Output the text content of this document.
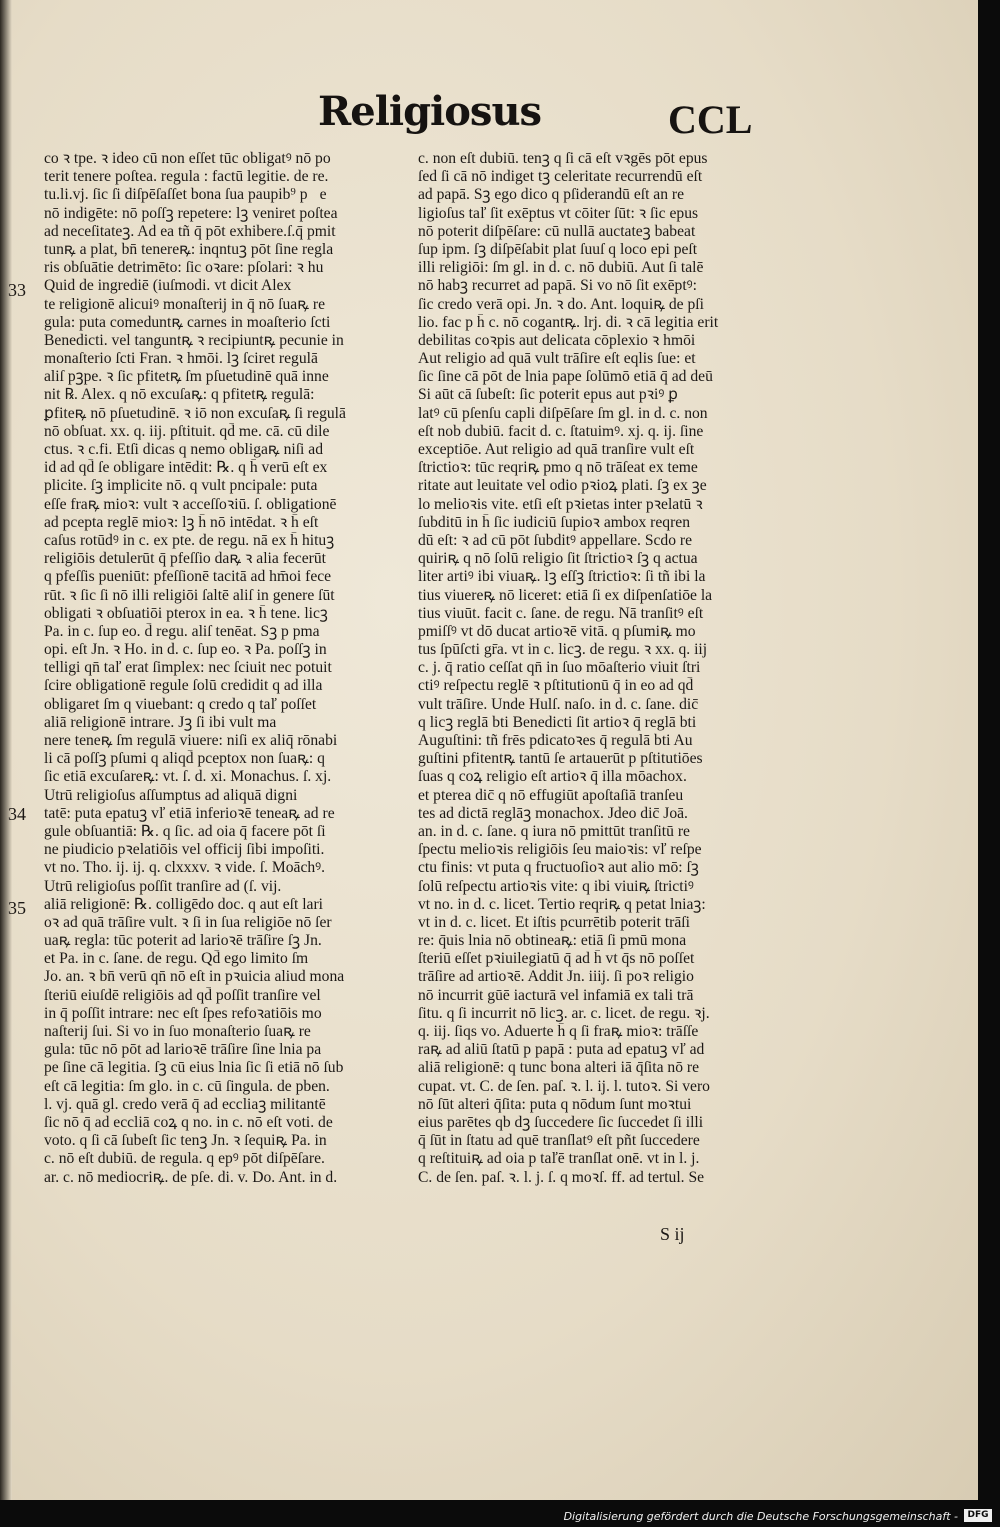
Religiosus	CCL
33
34
35
co ꝛ tpe. ꝛ ideo cū non eſſet tūc obligatꝰ nō po
terit tenere poſtea. regula : factū legitie. de re.
tu.li.vj. ſic ſi diſpēſaſſet bona ſua paupib⁹ pᷓe
nō indigēte: nō poſſꝫ repetere: lꝫ veniret poſtea
ad neceſitateꝫ. Ad ea tñ q̄ pōt exhibere.ſ.q̄ pmit
tunꝶ a plat, bn̄ tenereꝶ: inqntuꝫ pōt ſine regla
ris obſuātie detrimēto: ſic oꝛare: pſolari: ꝛ hu
Quid de ingrediē (iuſmodi. vt dicit Alex
te religionē alicuiꝰ monaſterij in q̄ nō ſuaꝶ re
gula: puta comeduntꝶ carnes in moaſterio ſcti
Benedicti. vel tanguntꝶ ꝛ recipiuntꝶ pecunie in
monaſterio ſcti Fran. ꝛ hmōi. lꝫ ſciret regulā
aliſ pꝫpe. ꝛ ſic pfitetꝶ ſm pſuetudinē quā inne
nit ℞. Alex. q nō excuſaꝶ: q pfitetꝶ regulā:
ꝑfiteꝶ nō pſuetudinē. ꝛ iō non excuſaꝶ ſi regulā
nō obſuat. xx. q. iij. pſtituit. qd̄ me. cā. cū dile
ctus. ꝛ c.fi. Etſi dicas q nemo obligaꝶ niſi ad
id ad qd̄ ſe obligare intēdit: ℞. q h̄ verū eſt ex
plicite. ſꝫ implicite nō. q vult pncipale: puta
eſſe fraꝶ mioꝛ: vult ꝛ acceſſoꝛiū. ſ. obligationē
ad pcepta reglē mioꝛ: lꝫ h̄ nō intēdat. ꝛ h̄ eſt
caſus rotūdꝰ in c. ex pte. de regu. nā ex h̄ hituꝫ
religiōis detulerūt q̄ pfeſſio daꝶ ꝛ alia fecerūt
q pfeſſis pueniūt: pfeſſionē tacitā ad hm̄oi fece
rūt. ꝛ ſic ſi nō illi religiōi ſaltē aliſ in genere ſūt
obligati ꝛ obſuatiōi pterox in ea. ꝛ h̄ tene. licꝫ
Pa. in c. ſup eo. d̄ regu. aliſ tenēat. Sꝫ p pma
opi. eſt Jn. ꝛ Ho. in d. c. ſup eo. ꝛ Pa. poſſꝫ in
telligi qn̄ taľ erat ſimplex: nec ſciuit nec potuit
ſcire obligationē regule ſolū credidit q ad illa
obligaret ſm q viuebant: q credo q taľ poſſet
aliā religionē intrare. Jꝫ ſi ibi vult ma
nere teneꝶ ſm regulā viuere: niſi ex aliq̄ rōnabi
li cā poſſꝫ pſumi q aliqd̄ pceptox non ſuaꝶ: q
ſic etiā excuſareꝶ: vt. ſ. d. xi. Monachus. ſ. xj.
Utrū religioſus aſſumptus ad aliquā digni
tatē: puta epatuꝫ vľ etiā inferioꝛē teneaꝶ ad re
gule obſuantiā: ℞. q ſic. ad oia q̄ facere pōt ſi
ne piudicio pꝛelatiōis vel officij ſibi impoſiti.
vt no. Tho. ij. ij. q. clxxxv. ꝛ vide. ſ. Moāchꝰ.
Utrū religioſus poſſit tranſire ad (ſ. vij.
aliā religionē: ℞. colligēdo doc. q aut eſt lari
oꝛ ad quā trāſire vult. ꝛ ſi in ſua religiōe nō ſer
uaꝶ regla: tūc poterit ad larioꝛē trāſire ſꝫ Jn.
et Pa. in c. ſane. de regu. Qd̄ ego limito ſm
Jo. an. ꝛ bn̄ verū qn̄ nō eſt in pꝛuicia aliud mona
ſteriū eiuſdē religiōis ad qd̄ poſſit tranſire vel
in q̄ poſſit intrare: nec eſt ſpes refoꝛatiōis mo
naſterij ſui. Si vo in ſuo monaſterio ſuaꝶ re
gula: tūc nō pōt ad larioꝛē trāſire ſine lnia pa
pe ſine cā legitia. ſꝫ cū eius lnia ſic ſi etiā nō ſub
eſt cā legitia: ſm glo. in c. cū ſingula. de pben.
l. vj. quā gl. credo verā q̄ ad eccliaꝫ militantē
ſic nō q̄ ad eccliā coꝝ q no. in c. nō eſt voti. de
voto. q ſi cā ſubeſt ſic tenꝫ Jn. ꝛ ſequiꝶ Pa. in
c. nō eſt dubiū. de regula. q epꝰ pōt diſpēſare.
ar. c. nō mediocriꝶ. de pſe. di. v. Do. Ant. in d.
c. non eſt dubiū. tenꝫ q ſi cā eſt vꝛgēs pōt epus
ſed ſi cā nō indiget tꝫ celeritate recurrendū eſt
ad papā. Sꝫ ego dico q pſiderandū eſt an re
ligioſus taľ ſit exēptus vt cōiter ſūt: ꝛ ſic epus
nō poterit diſpēſare: cū nullā auctateꝫ babeat
ſup ipm. ſꝫ diſpēſabit plat ſuuſ q loco epi peſt
illi religiōi: ſm gl. in d. c. nō dubiū. Aut ſi talē
nō habꝫ recurret ad papā. Si vo nō ſit exēptꝰ:
ſic credo verā opi. Jn. ꝛ do. Ant. loquiꝶ de pſi
lio. fac p h̄ c. nō cogantꝶ. lrj. di. ꝛ cā legitia erit
debilitas coꝛpis aut delicata cōplexio ꝛ hmōi
Aut religio ad quā vult trāſire eſt eqlis ſue: et
ſic ſine cā pōt de lnia pape ſolūmō etiā q̄ ad deū
Si aūt cā ſubeſt: ſic poterit epus aut pꝛiꝰ ꝑ
latꝰ cū pſenſu capli diſpēſare ſm gl. in d. c. non
eſt nob dubiū. facit d. c. ſtatuimꝰ. xj. q. ij. ſine
exceptiōe. Aut religio ad quā tranſire vult eſt
ſtrictioꝛ: tūc reqriꝶ pmo q nō trāſeat ex teme
ritate aut leuitate vel odio pꝛioꝝ plati. ſꝫ ex ꝫe
lo melioꝛis vite. etſi eſt pꝛietas inter pꝛelatū ꝛ
ſubditū in h̄ ſic iudiciū ſupioꝛ ambox reqren
dū eſt: ꝛ ad cū pōt ſubditꝰ appellare. Scdo re
quiriꝶ q nō ſolū religio ſit ſtrictioꝛ ſꝫ q actua
liter artiꝰ ibi viuaꝶ. lꝫ eſſꝫ ſtrictioꝛ: ſi tñ ibi la
tius viuereꝶ nō liceret: etiā ſi ex diſpenſatiōe la
tius viuūt. facit c. ſane. de regu. Nā tranſitꝰ eſt
pmiſſꝰ vt dō ducat artioꝛē vitā. q pſumiꝶ mo
tus ſpūſcti gr̄a. vt in c. licꝫ. de regu. ꝛ xx. q. iij
c. j. q̄ ratio ceſſat qn̄ in ſuo mōaſterio viuit ſtri
ctiꝰ reſpectu reglē ꝛ pſtitutionū q̄ in eo ad qd̄
vult trāſire. Unde Hulſ. naſo. in d. c. ſane. dic̄
q licꝫ reglā bti Benedicti ſit artioꝛ q̄ reglā bti
Auguſtini: tñ frēs pdicatoꝛes q̄ regulā bti Au
guſtini pfitentꝶ tantū ſe artauerūt p pſtitutiōes
ſuas q coꝝ religio eſt artioꝛ q̄ illa mōachox.
et pterea dic̄ q nō effugiūt apoſtaſiā tranſeu
tes ad dictā reglāꝫ monachox. Jdeo dic̄ Joā.
an. in d. c. ſane. q iura nō pmittūt tranſitū re
ſpectu melioꝛis religiōis ſeu maioꝛis: vľ reſpe
ctu finis: vt puta q fructuoſioꝛ aut alio mō: ſꝫ
ſolū reſpectu artioꝛis vite: q ibi viuiꝶ ſtrictiꝰ
vt no. in d. c. licet. Tertio reqriꝶ q petat lniaꝫ:
vt in d. c. licet. Et iſtis pcurrētib poterit trāſi
re: q̄uis lnia nō obtineaꝶ: etiā ſi pmū mona
ſteriū eſſet pꝛiuilegiatū q̄ ad h̄ vt q̄s nō poſſet
trāſire ad artioꝛē. Addit Jn. iiij. ſi poꝛ religio
nō incurrit gūē iacturā vel infamiā ex tali trā
ſitu. q ſi incurrit nō licꝫ. ar. c. licet. de regu. ꝛj.
q. iij. ſiqs vo. Aduerte h̄ q ſi fraꝶ mioꝛ: trāſſe
raꝶ ad aliū ſtatū p papā : puta ad epatuꝫ vľ ad
aliā religionē: q tunc bona alteri iā q̄ſita nō re
cupat. vt. C. de ſen. paſ. ꝛ. l. ij. l. tutoꝛ. Si vero
nō ſūt alteri q̄ſita: puta q nōdum ſunt moꝛtui
eius parētes qb dꝫ ſuccedere ſic ſuccedet ſi illi
q̄ ſūt in ſtatu ad quē tranſlatꝰ eſt pñt ſuccedere
q reſtituiꝶ ad oia p taľē tranſlat onē. vt in l. j.
C. de ſen. paſ. ꝛ. l. j. ſ. q moꝛſ. ff. ad tertul. Se
S ij
Digitalisierung gefördert durch die Deutsche Forschungsgemeinschaft -	DFG
